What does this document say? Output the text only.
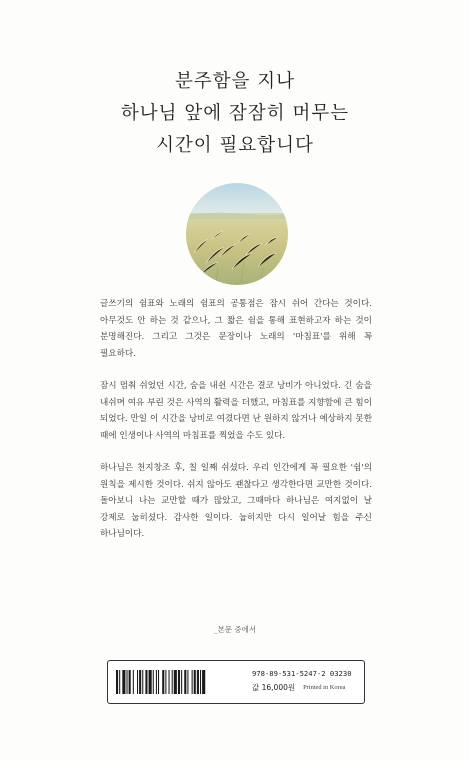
분주함을 지나
하나님 앞에 잠잠히 머무는
시간이 필요합니다

글쓰기의 쉼표와 노래의 쉼표의 공통점은 잠시 쉬어 간다는 것이다. 아무것도 안 하는 것 같으나, 그 짧은 쉼을 통해 표현하고자 하는 것이 분명해진다. 그리고 그것은 문장이나 노래의 '마침표'를 위해 꼭 필요하다.

잠시 멈춰 쉬었던 시간, 숨을 내쉰 시간은 결코 낭비가 아니었다. 긴 숨을 내쉬며 여유 부린 것은 사역의 활력을 더했고, 마침표를 지향함에 큰 힘이 되었다. 만일 이 시간을 낭비로 여겼다면 난 원하지 않거나 예상하지 못한 때에 인생이나 사역의 마침표를 찍었을 수도 있다.

하나님은 천지창조 후, 칠 일째 쉬셨다. 우리 인간에게 꼭 필요한 '쉼'의 원칙을 제시한 것이다. 쉬지 않아도 괜찮다고 생각한다면 교만한 것이다. 돌아보니 나는 교만할 때가 많았고, 그때마다 하나님은 여지없이 날 강제로 눕히셨다. 감사한 일이다. 눕히지만 다시 일어날 힘을 주신 하나님이다.

_본문 중에서
978-89-531-5247-2 03230
값 16,000원 Printed in Korea
